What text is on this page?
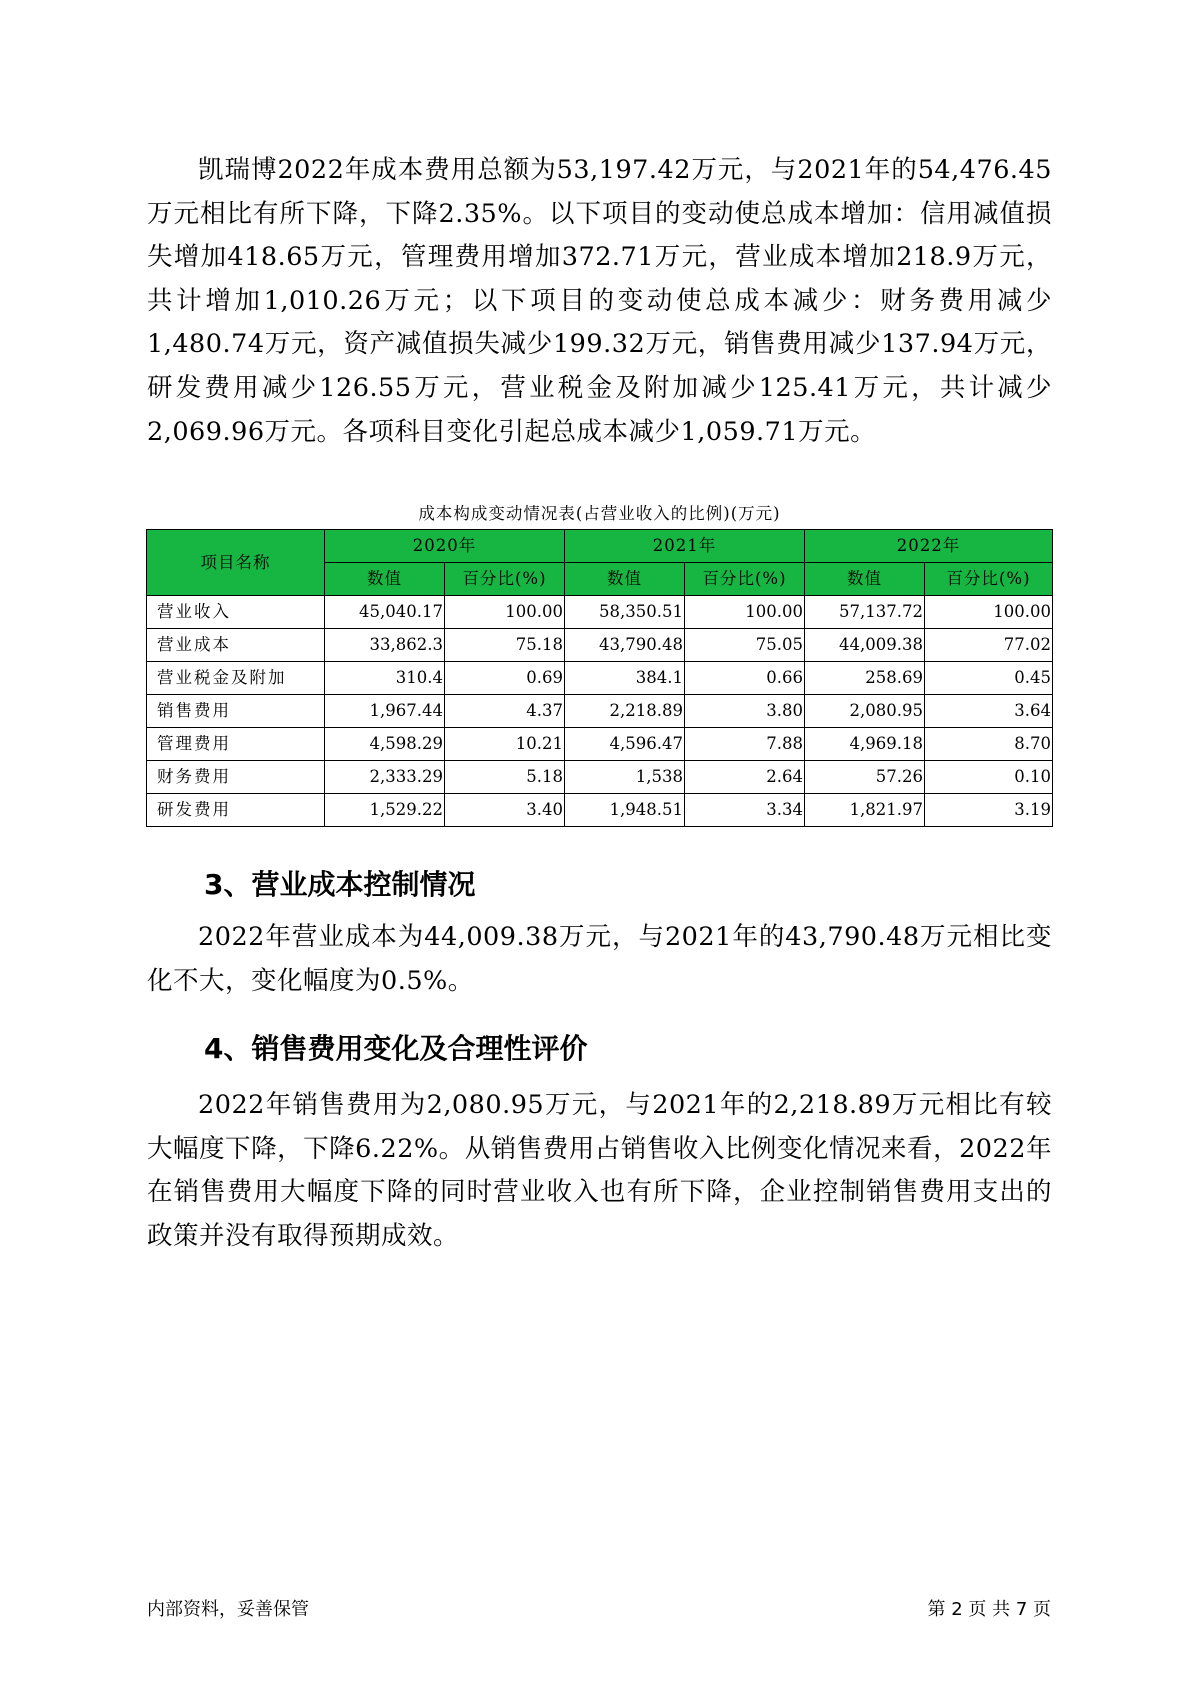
凯瑞博2022年成本费用总额为53,197.42万元，与2021年的54,476.45万元相比有所下降，下降2.35%。以下项目的变动使总成本增加：信用减值损失增加418.65万元，管理费用增加372.71万元，营业成本增加218.9万元，共计增加1,010.26万元；以下项目的变动使总成本减少：财务费用减少1,480.74万元，资产减值损失减少199.32万元，销售费用减少137.94万元，研发费用减少126.55万元，营业税金及附加减少125.41万元，共计减少2,069.96万元。各项科目变化引起总成本减少1,059.71万元。

成本构成变动情况表(占营业收入的比例)(万元)
项目名称	2020年		2021年		2022年	
	数值	百分比(%)	数值	百分比(%)	数值	百分比(%)
营业收入	45,040.17	100.00	58,350.51	100.00	57,137.72	100.00
营业成本	33,862.3	75.18	43,790.48	75.05	44,009.38	77.02
营业税金及附加	310.4	0.69	384.1	0.66	258.69	0.45
销售费用	1,967.44	4.37	2,218.89	3.80	2,080.95	3.64
管理费用	4,598.29	10.21	4,596.47	7.88	4,969.18	8.70
财务费用	2,333.29	5.18	1,538	2.64	57.26	0.10
研发费用	1,529.22	3.40	1,948.51	3.34	1,821.97	3.19
3、营业成本控制情况

2022年营业成本为44,009.38万元，与2021年的43,790.48万元相比变化不大，变化幅度为0.5%。

4、销售费用变化及合理性评价

2022年销售费用为2,080.95万元，与2021年的2,218.89万元相比有较大幅度下降，下降6.22%。从销售费用占销售收入比例变化情况来看，2022年在销售费用大幅度下降的同时营业收入也有所下降，企业控制销售费用支出的政策并没有取得预期成效。

内部资料，妥善保管	第 2 页 共 7 页
